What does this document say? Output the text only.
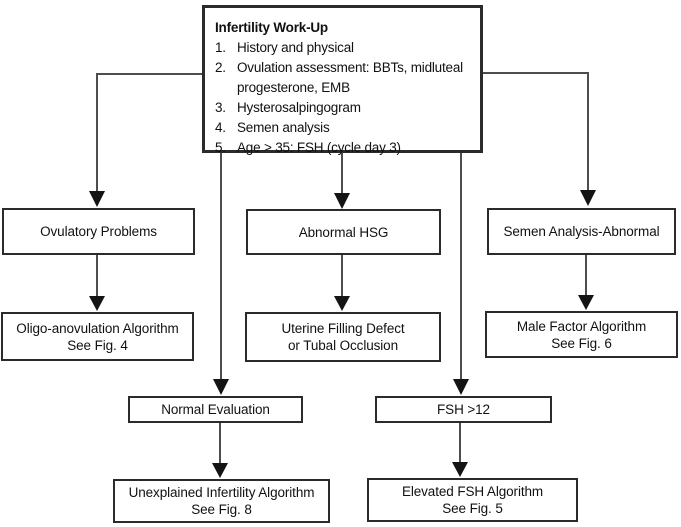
Infertility Work-Up
1. History and physical
2. Ovulation assessment: BBTs, midluteal
progesterone, EMB
3. Hysterosalpingogram
4. Semen analysis
5. Age > 35: FSH (cycle day 3)
Ovulatory Problems	Abnormal HSG	Semen Analysis-Abnormal
Oligo-anovulation Algorithm
See Fig. 4
Uterine Filling Defect
or Tubal Occlusion
Male Factor Algorithm
See Fig. 6
Normal Evaluation	FSH >12
Unexplained Infertility Algorithm
See Fig. 8
Elevated FSH Algorithm
See Fig. 5
